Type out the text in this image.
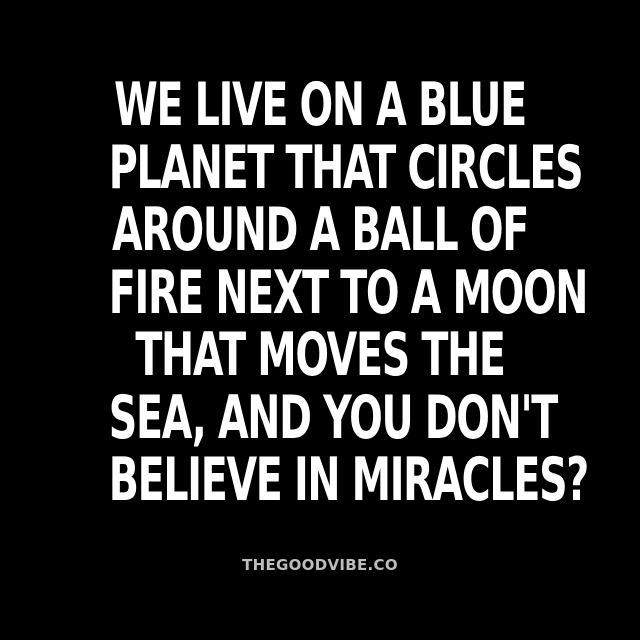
WE LIVE ON A BLUE
PLANET THAT CIRCLES
AROUND A BALL OF
FIRE NEXT TO A MOON
THAT MOVES THE
SEA, AND YOU DON'T
BELIEVE IN MIRACLES?
THEGOODVIBE.CO
